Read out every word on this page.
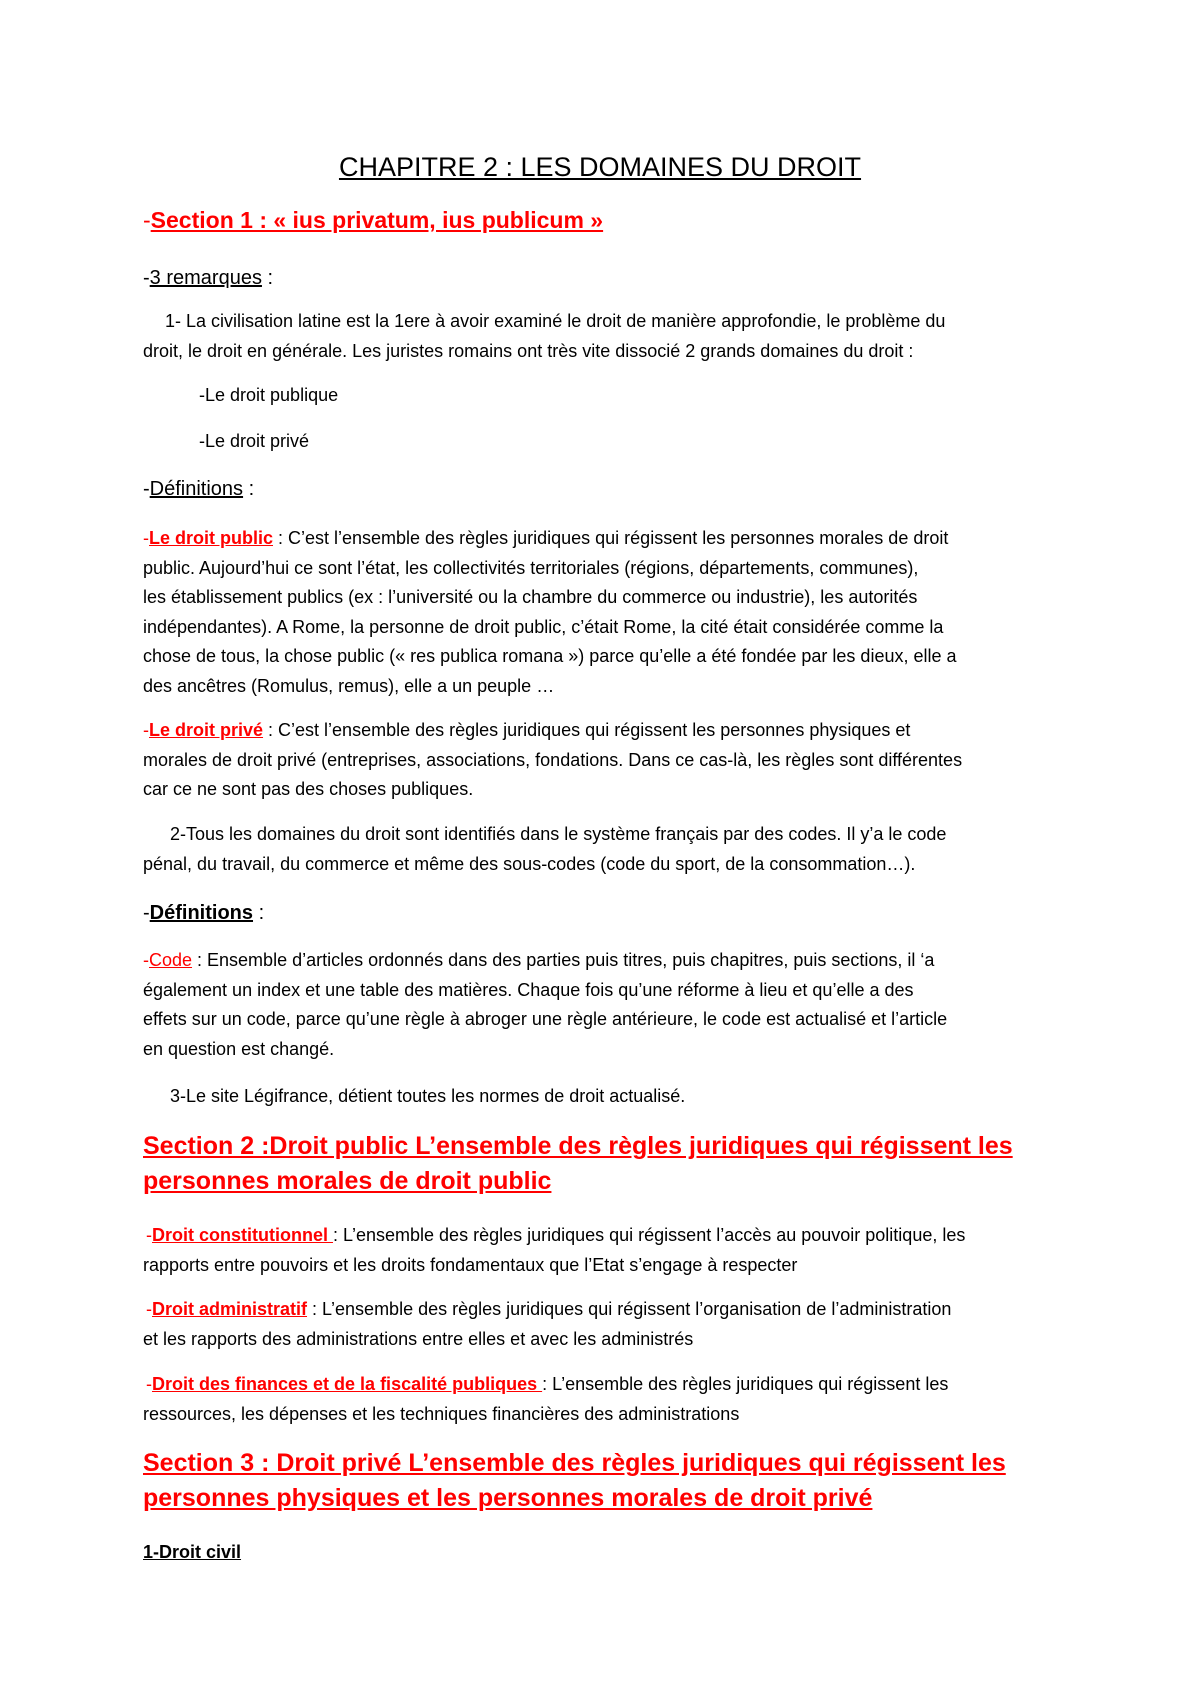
CHAPITRE 2 : LES DOMAINES DU DROIT
-Section 1 : « ius privatum, ius publicum »
-3 remarques :
1- La civilisation latine est la 1ere à avoir examiné le droit de manière approfondie, le problème du
droit, le droit en générale. Les juristes romains ont très vite dissocié 2 grands domaines du droit :
-Le droit publique
-Le droit privé
-Définitions :
-Le droit public : C’est l’ensemble des règles juridiques qui régissent les personnes morales de droit
public. Aujourd’hui ce sont l’état, les collectivités territoriales (régions, départements, communes),
les établissement publics (ex : l’université ou la chambre du commerce ou industrie), les autorités
indépendantes). A Rome, la personne de droit public, c’était Rome, la cité était considérée comme la
chose de tous, la chose public (« res publica romana ») parce qu’elle a été fondée par les dieux, elle a
des ancêtres (Romulus, remus), elle a un peuple …
-Le droit privé : C’est l’ensemble des règles juridiques qui régissent les personnes physiques et
morales de droit privé (entreprises, associations, fondations. Dans ce cas-là, les règles sont différentes
car ce ne sont pas des choses publiques.
2-Tous les domaines du droit sont identifiés dans le système français par des codes. Il y’a le code
pénal, du travail, du commerce et même des sous-codes (code du sport, de la consommation…).
-Définitions :
-Code : Ensemble d’articles ordonnés dans des parties puis titres, puis chapitres, puis sections, il ‘a
également un index et une table des matières. Chaque fois qu’une réforme à lieu et qu’elle a des
effets sur un code, parce qu’une règle à abroger une règle antérieure, le code est actualisé et l’article
en question est changé.
3-Le site Légifrance, détient toutes les normes de droit actualisé.
Section 2 :Droit public L’ensemble des règles juridiques qui régissent les
personnes morales de droit public
-Droit constitutionnel : L’ensemble des règles juridiques qui régissent l’accès au pouvoir politique, les
rapports entre pouvoirs et les droits fondamentaux que l’Etat s’engage à respecter
-Droit administratif : L’ensemble des règles juridiques qui régissent l’organisation de l’administration
et les rapports des administrations entre elles et avec les administrés
-Droit des finances et de la fiscalité publiques : L’ensemble des règles juridiques qui régissent les
ressources, les dépenses et les techniques financières des administrations
Section 3 : Droit privé L’ensemble des règles juridiques qui régissent les
personnes physiques et les personnes morales de droit privé
1-Droit civil
